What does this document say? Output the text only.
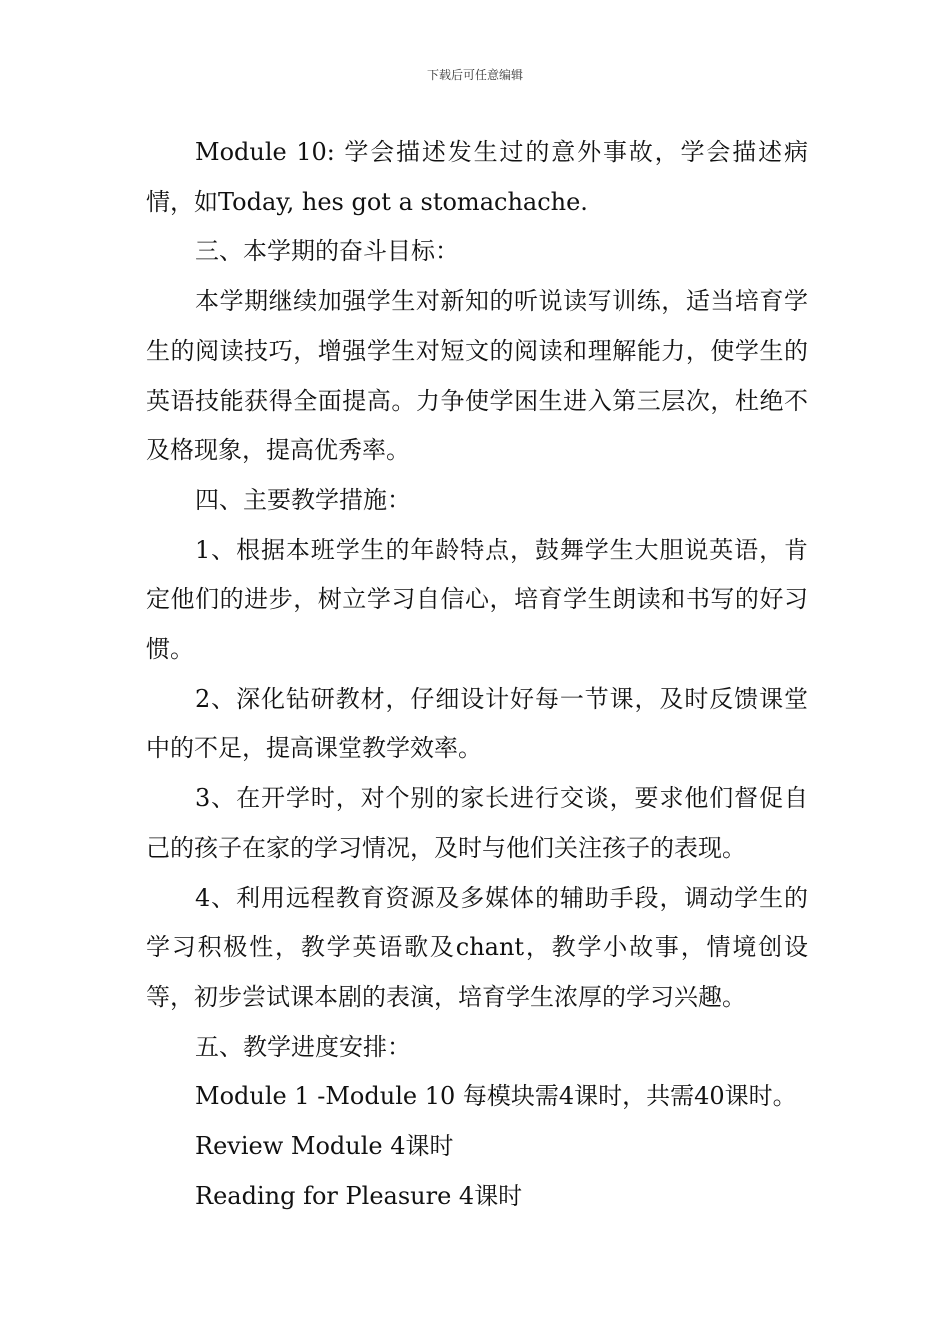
下载后可任意编辑

Module 10: 学会描述发生过的意外事故，学会描述病情，如Today, hes got a stomachache.

三、本学期的奋斗目标：

本学期继续加强学生对新知的听说读写训练，适当培育学生的阅读技巧，增强学生对短文的阅读和理解能力，使学生的英语技能获得全面提高。力争使学困生进入第三层次，杜绝不及格现象，提高优秀率。

四、主要教学措施：

1、根据本班学生的年龄特点，鼓舞学生大胆说英语，肯定他们的进步，树立学习自信心，培育学生朗读和书写的好习惯。

2、深化钻研教材，仔细设计好每一节课，及时反馈课堂中的不足，提高课堂教学效率。

3、在开学时，对个别的家长进行交谈，要求他们督促自己的孩子在家的学习情况，及时与他们关注孩子的表现。

4、利用远程教育资源及多媒体的辅助手段，调动学生的学习积极性，教学英语歌及chant，教学小故事，情境创设等，初步尝试课本剧的表演，培育学生浓厚的学习兴趣。

五、教学进度安排：

Module 1 -Module 10 每模块需4课时，共需40课时。

Review Module 4课时

Reading for Pleasure 4课时
